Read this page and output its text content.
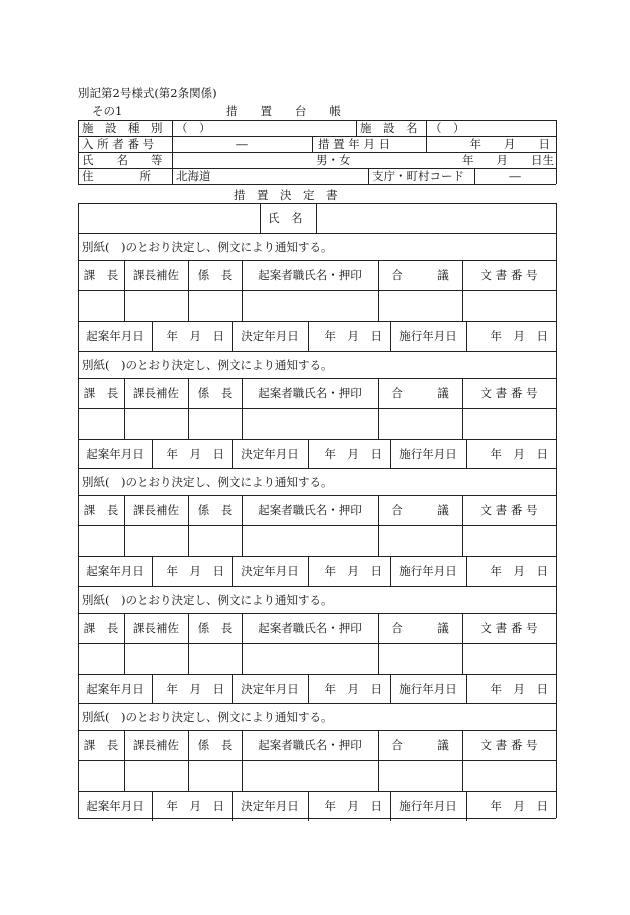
別記第2号様式(第2条関係)
その1	措　　置　　台　　帳
施　設　種　別 （　）	施　設　名 （　）
入 所 者 番 号	―	措 置 年 月 日	年　　月　　日
氏　　名　　等	男・女	年　　月　　日生
住　　　　所 北海道	支庁・町村コード	―
措　置　決　定　書
氏　名
別紙(　)のとおり決定し、例文により通知する。
課　長	課長補佐	係　長	起案者職氏名・押印	合　　　議	文 書 番 号
起案年月日	年　月　日	決定年月日	年　月　日	施行年月日	年　月　日
別紙(　)のとおり決定し、例文により通知する。
課　長	課長補佐	係　長	起案者職氏名・押印	合　　　議	文 書 番 号
起案年月日	年　月　日	決定年月日	年　月　日	施行年月日	年　月　日
別紙(　)のとおり決定し、例文により通知する。
課　長	課長補佐	係　長	起案者職氏名・押印	合　　　議	文 書 番 号
起案年月日	年　月　日	決定年月日	年　月　日	施行年月日	年　月　日
別紙(　)のとおり決定し、例文により通知する。
課　長	課長補佐	係　長	起案者職氏名・押印	合　　　議	文 書 番 号
起案年月日	年　月　日	決定年月日	年　月　日	施行年月日	年　月　日
別紙(　)のとおり決定し、例文により通知する。
課　長	課長補佐	係　長	起案者職氏名・押印	合　　　議	文 書 番 号
起案年月日	年　月　日	決定年月日	年　月　日	施行年月日	年　月　日
